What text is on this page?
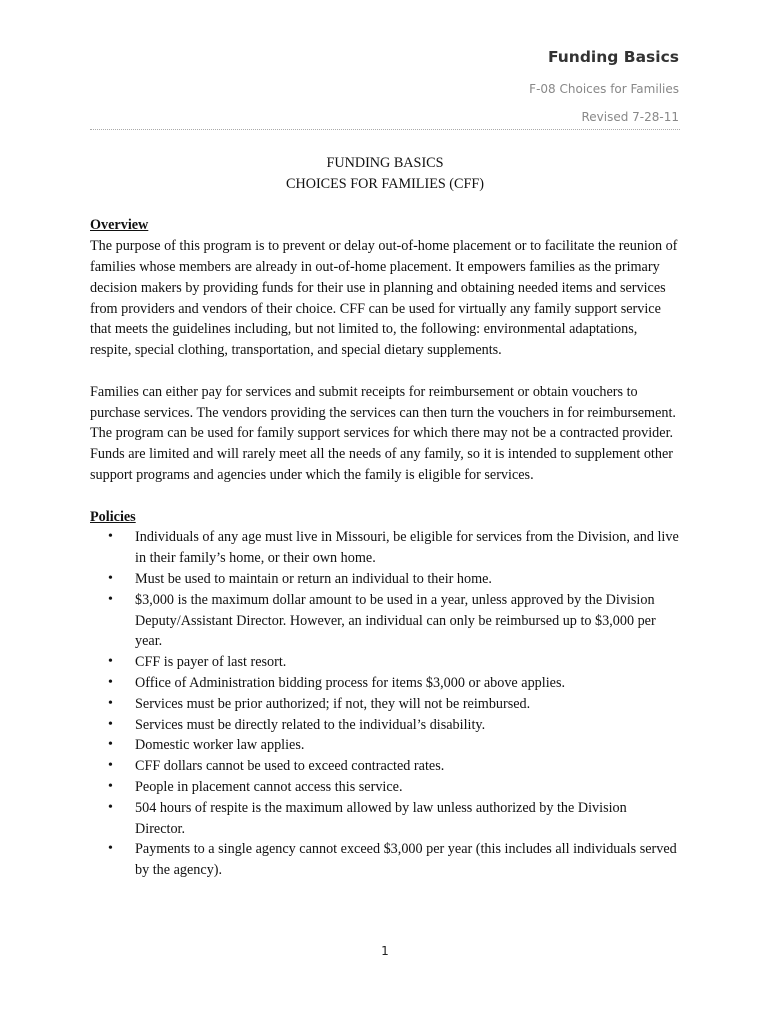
Funding Basics
F-08 Choices for Families
Revised 7-28-11
FUNDING BASICS
CHOICES FOR FAMILIES (CFF)
Overview

The purpose of this program is to prevent or delay out-of-home placement or to facilitate the reunion of families whose members are already in out-of-home placement. It empowers families as the primary decision makers by providing funds for their use in planning and obtaining needed items and services from providers and vendors of their choice. CFF can be used for virtually any family support service that meets the guidelines including, but not limited to, the following: environmental adaptations, respite, special clothing, transportation, and special dietary supplements.

Families can either pay for services and submit receipts for reimbursement or obtain vouchers to purchase services. The vendors providing the services can then turn the vouchers in for reimbursement. The program can be used for family support services for which there may not be a contracted provider. Funds are limited and will rarely meet all the needs of any family, so it is intended to supplement other support programs and agencies under which the family is eligible for services.

Policies
• Individuals of any age must live in Missouri, be eligible for services from the Division, and live in their family’s home, or their own home.
• Must be used to maintain or return an individual to their home.
• $3,000 is the maximum dollar amount to be used in a year, unless approved by the Division Deputy/Assistant Director. However, an individual can only be reimbursed up to $3,000 per year.
• CFF is payer of last resort.
• Office of Administration bidding process for items $3,000 or above applies.
• Services must be prior authorized; if not, they will not be reimbursed.
• Services must be directly related to the individual’s disability.
• Domestic worker law applies.
• CFF dollars cannot be used to exceed contracted rates.
• People in placement cannot access this service.
• 504 hours of respite is the maximum allowed by law unless authorized by the Division Director.
• Payments to a single agency cannot exceed $3,000 per year (this includes all individuals served by the agency).
1
